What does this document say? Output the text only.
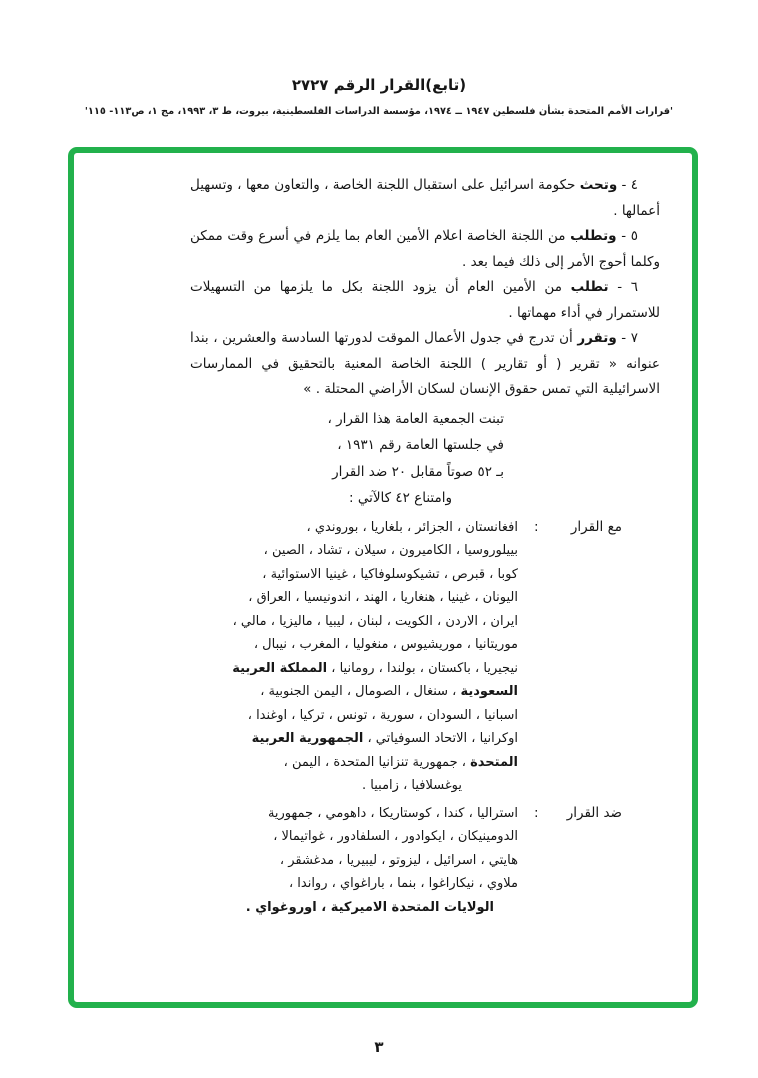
(تابع)القرار الرقم ٢٧٢٧
'قرارات الأمم المتحدة بشأن فلسطين ١٩٤٧ ــ ١٩٧٤، مؤسسة الدراسات الفلسطينية، بيروت، ط ٣، ١٩٩٣، مج ١، ص١١٣- ١١٥'

٤ - وتحث حكومة اسرائيل على استقبال اللجنة الخاصة ، والتعاون معها ، وتسهيل أعمالها .

٥ - وتطلب من اللجنة الخاصة اعلام الأمين العام بما يلزم في أسرع وقت ممكن وكلما أحوج الأمر إلى ذلك فيما بعد .

٦ - تطلب من الأمين العام أن يزود اللجنة بكل ما يلزمها من التسهيلات للاستمرار في أداء مهماتها .

٧ - وتقرر أن تدرج في جدول الأعمال الموقت لدورتها السادسة والعشرين ، بندا عنوانه « تقرير ( أو تقارير ) اللجنة الخاصة المعنية بالتحقيق في الممارسات الاسرائيلية التي تمس حقوق الإنسان لسكان الأراضي المحتلة . »

تبنت الجمعية العامة هذا القرار ،
في جلستها العامة رقم ١٩٣١ ،
بـ ٥٢ صوتاً مقابل ٢٠ ضد القرار
وامتناع ٤٢ كالآتي :
مع القرار
:
افغانستان ، الجزائر ، بلغاريا ، بوروندي ،
بييلوروسيا ، الكاميرون ، سيلان ، تشاد ، الصين ،
كوبا ، قبرص ، تشيكوسلوفاكيا ، غينيا الاستوائية ،
اليونان ، غينيا ، هنغاريا ، الهند ، اندونيسيا ، العراق ،
ايران ، الاردن ، الكويت ، لبنان ، ليبيا ، ماليزيا ، مالي ،
موريتانيا ، موريشيوس ، منغوليا ، المغرب ، نيبال ،
نيجيريا ، باكستان ، بولندا ، رومانيا ، المملكة العربية
السعودية ، سنغال ، الصومال ، اليمن الجنوبية ،
اسبانيا ، السودان ، سورية ، تونس ، تركيا ، اوغندا ،
اوكرانيا ، الاتحاد السوفياتي ، الجمهورية العربية
المتحدة ، جمهورية تنزانيا المتحدة ، اليمن ،
يوغسلافيا ، زامبيا .
ضد القرار
:
استراليا ، كندا ، كوستاريكا ، داهومي ، جمهورية
الدومينيكان ، ايكوادور ، السلفادور ، غواتيمالا ،
هايتي ، اسرائيل ، ليزوتو ، ليبيريا ، مدغشقر ،
ملاوي ، نيكاراغوا ، بنما ، باراغواي ، رواندا ،
الولايات المتحدة الاميركية ، اوروغواي .
٣
